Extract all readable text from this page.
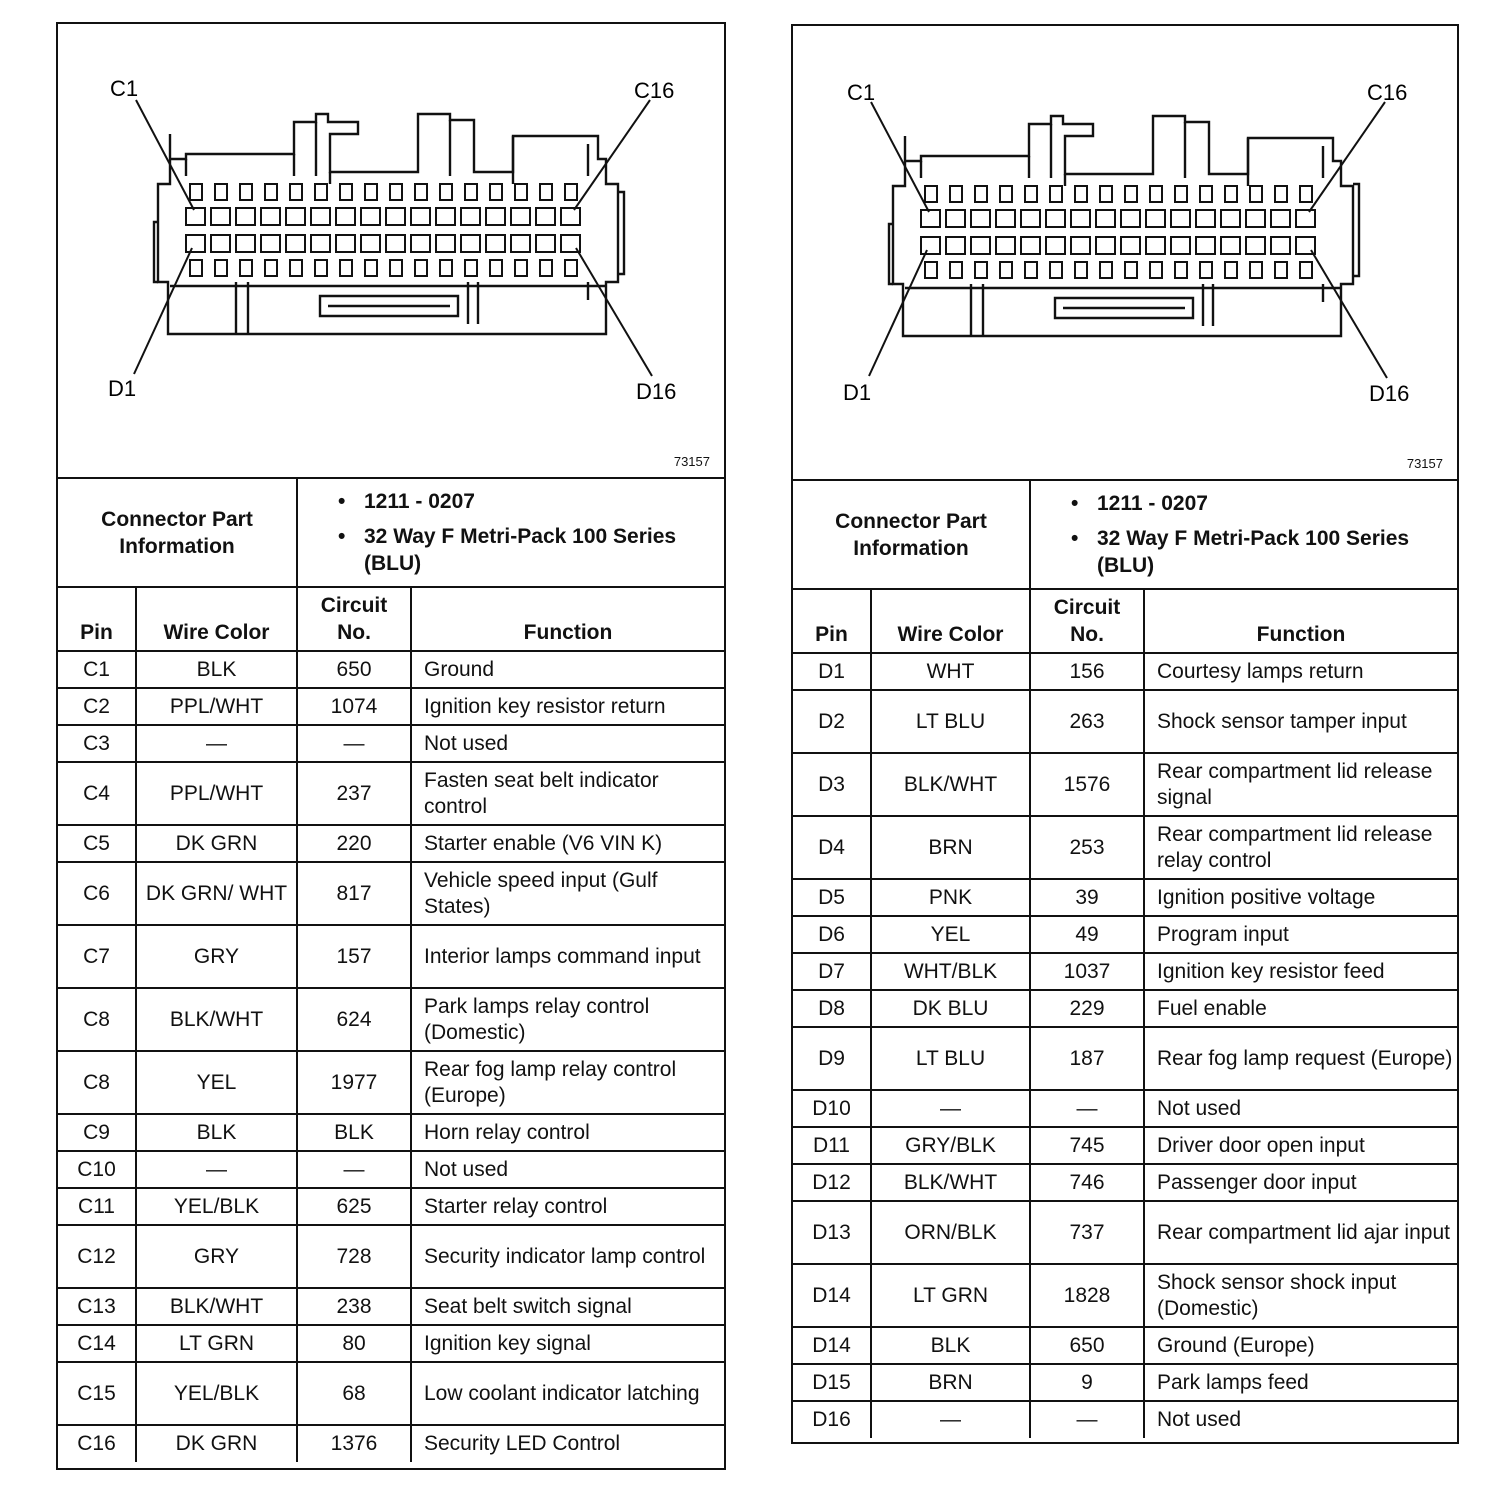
C1	C16
D1	D16
73157
Connector Part Information	
• 1211 - 0207
• 32 Way F Metri-Pack 100 Series (BLU)
Pin	Wire Color	Circuit No.	Function
C1	BLK	650	Ground
C2	PPL/WHT	1074	Ignition key resistor return
C3	—	—	Not used
C4	PPL/WHT	237	Fasten seat belt indicator control
C5	DK GRN	220	Starter enable (V6 VIN K)
C6	DK GRN/ WHT	817	Vehicle speed input (Gulf States)
C7	GRY	157	Interior lamps command input
C8	BLK/WHT	624	Park lamps relay control (Domestic)
C8	YEL	1977	Rear fog lamp relay control (Europe)
C9	BLK	BLK	Horn relay control
C10	—	—	Not used
C11	YEL/BLK	625	Starter relay control
C12	GRY	728	Security indicator lamp control
C13	BLK/WHT	238	Seat belt switch signal
C14	LT GRN	80	Ignition key signal
C15	YEL/BLK	68	Low coolant indicator latching
C16	DK GRN	1376	Security LED Control
C1	C16
D1	D16
73157
Connector Part Information	
• 1211 - 0207
• 32 Way F Metri-Pack 100 Series (BLU)
Pin	Wire Color	Circuit No.	Function
D1	WHT	156	Courtesy lamps return
D2	LT BLU	263	Shock sensor tamper input
D3	BLK/WHT	1576	Rear compartment lid release signal
D4	BRN	253	Rear compartment lid release relay control
D5	PNK	39	Ignition positive voltage
D6	YEL	49	Program input
D7	WHT/BLK	1037	Ignition key resistor feed
D8	DK BLU	229	Fuel enable
D9	LT BLU	187	Rear fog lamp request (Europe)
D10	—	—	Not used
D11	GRY/BLK	745	Driver door open input
D12	BLK/WHT	746	Passenger door input
D13	ORN/BLK	737	Rear compartment lid ajar input
D14	LT GRN	1828	Shock sensor shock input (Domestic)
D14	BLK	650	Ground (Europe)
D15	BRN	9	Park lamps feed
D16	—	—	Not used
